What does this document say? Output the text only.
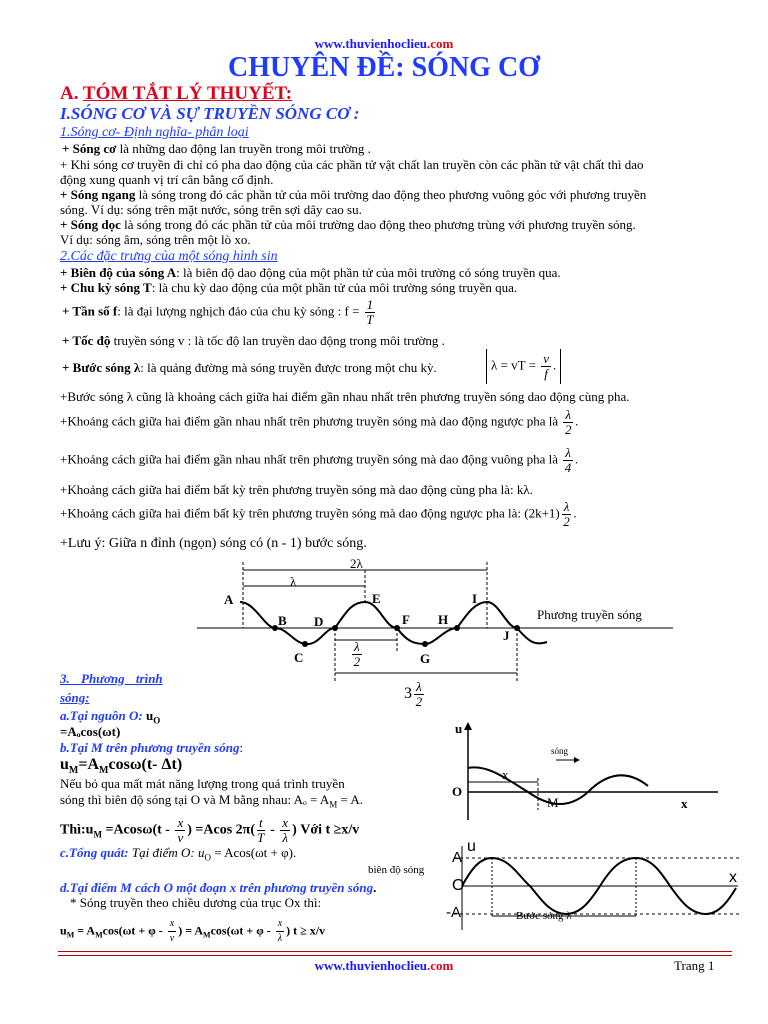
www.thuvienhoclieu.com
CHUYÊN ĐỀ: SÓNG CƠ
A. TÓM TẮT LÝ THUYẾT:
I.SÓNG CƠ VÀ SỰ TRUYỀN SÓNG CƠ :
1.Sóng cơ- Định nghĩa- phân loại
+ Sóng cơ là những dao động lan truyền trong môi trường .
+ Khi sóng cơ truyền đi chỉ có pha dao động của các phần tử vật chất lan truyền còn các phần tử vật chất thì dao
động xung quanh vị trí cân bằng cố định.
+ Sóng ngang là sóng trong đó các phần tử của môi trường dao động theo phương vuông góc với phương truyền
sóng. Ví dụ: sóng trên mặt nước, sóng trên sợi dây cao su.
+ Sóng dọc là sóng trong đó các phần tử của môi trường dao động theo phương trùng với phương truyền sóng.
Ví dụ: sóng âm, sóng trên một lò xo.
2.Các đặc trưng của một sóng hình sin
+ Biên độ của sóng A: là biên độ dao động của một phần tử của môi trường có sóng truyền qua.
+ Chu kỳ sóng T: là chu kỳ dao động của một phần tử của môi trường sóng truyền qua.
+ Tần số f: là đại lượng nghịch đảo của chu kỳ sóng : $f = \frac{1}{T}$
+ Tốc độ truyền sóng v : là tốc độ lan truyền dao động trong môi trường .
+ Bước sóng λ: là quảng đường mà sóng truyền được trong một chu kỳ.	λ = vT = $\frac{v}{f}$ .
+Bước sóng λ cũng là khoảng cách giữa hai điểm gần nhau nhất trên phương truyền sóng dao động cùng pha.
+Khoảng cách giữa hai điểm gần nhau nhất trên phương truyền sóng mà dao động ngược pha là $\frac{\lambda}{2}$ .
+Khoảng cách giữa hai điểm gần nhau nhất trên phương truyền sóng mà dao động vuông pha là $\frac{\lambda}{4}$ .
+Khoảng cách giữa hai điểm bất kỳ trên phương truyền sóng mà dao động cùng pha là: kλ.
+Khoảng cách giữa hai điểm bất kỳ trên phương truyền sóng mà dao động ngược pha là: $(2k+1) \frac{\lambda}{2}$ .
+Lưu ý: Giữa n đỉnh (ngọn) sóng có (n - 1) bước sóng.
2λ
λ
A
B
C
D
E
F
G
H
I
J
Phương truyền sóng
$\frac{\lambda}{2}$
$3 \frac{\lambda}{2}$
3. Phương trình
sóng:
a.Tại nguồn O: $u_O$
=Aₒcos(ωt)
b.Tại M trên phương truyền sóng:
$u_M=A_M\cos\omega(t-$ Δt)
Nếu bỏ qua mất mát năng lượng trong quá trình truyền
sóng thì biên độ sóng tại O và M bằng nhau: $A_o = A_M = A$.
$Thì:u_M =Acos\omega(t - \frac{x}{v}$ ) =Acos $2\pi( \frac{t}{T} - \frac{x}{\lambda}$ ) Với t ≥x/v
c.Tổng quát: Tại điểm O: $u_O = Acos(\omega t + \varphi)$.
d.Tại điểm M cách O một đoạn x trên phương truyền sóng.
* Sóng truyền theo chiều dương của trục Ox thì:
$u_M = A_M\cos(\omega t + \varphi - \frac{x}{v}$ ) = $A_M\cos(\omega t + \varphi - \frac{x}{\lambda}$ ) t ≥ x/v
u
sóng
x
O
M	x
u
A
O
-A
x
biên độ sóng
Bước sóng λ
www.thuvienhoclieu.com	Trang 1
